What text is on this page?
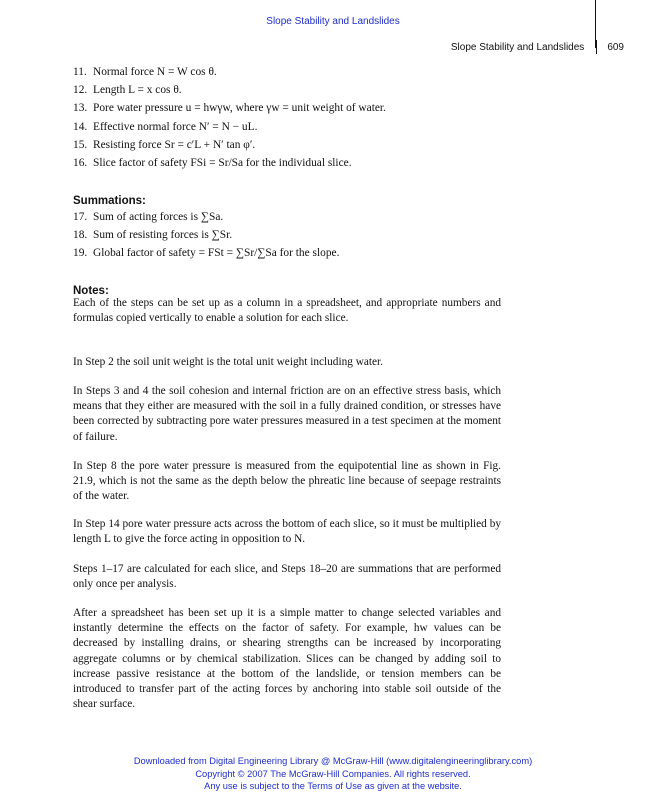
Slope Stability and Landslides
Slope Stability and Landslides 609
11. Normal force N = W cos θ.
12. Length L = x cos θ.
13. Pore water pressure u = hwγw, where γw = unit weight of water.
14. Effective normal force N′ = N − uL.
15. Resisting force Sr = c′L + N′ tan φ′.
16. Slice factor of safety FSi = Sr/Sa for the individual slice.

Summations:

17. Sum of acting forces is ∑Sa.
18. Sum of resisting forces is ∑Sr.
19. Global factor of safety = FSt = ∑Sr/∑Sa for the slope.

Notes:

Each of the steps can be set up as a column in a spreadsheet, and appropriate numbers and formulas copied vertically to enable a solution for each slice.

In Step 2 the soil unit weight is the total unit weight including water.

In Steps 3 and 4 the soil cohesion and internal friction are on an effective stress basis, which means that they either are measured with the soil in a fully drained condition, or stresses have been corrected by subtracting pore water pressures measured in a test specimen at the moment of failure.

In Step 8 the pore water pressure is measured from the equipotential line as shown in Fig. 21.9, which is not the same as the depth below the phreatic line because of seepage restraints of the water.

In Step 14 pore water pressure acts across the bottom of each slice, so it must be multiplied by length L to give the force acting in opposition to N.

Steps 1–17 are calculated for each slice, and Steps 18–20 are summations that are performed only once per analysis.

After a spreadsheet has been set up it is a simple matter to change selected variables and instantly determine the effects on the factor of safety. For example, hw values can be decreased by installing drains, or shearing strengths can be increased by incorporating aggregate columns or by chemical stabilization. Slices can be changed by adding soil to increase passive resistance at the bottom of the landslide, or tension members can be introduced to transfer part of the acting forces by anchoring into stable soil outside of the shear surface.

Downloaded from Digital Engineering Library @ McGraw-Hill (www.digitalengineeringlibrary.com)
Copyright © 2007 The McGraw-Hill Companies. All rights reserved.
Any use is subject to the Terms of Use as given at the website.
